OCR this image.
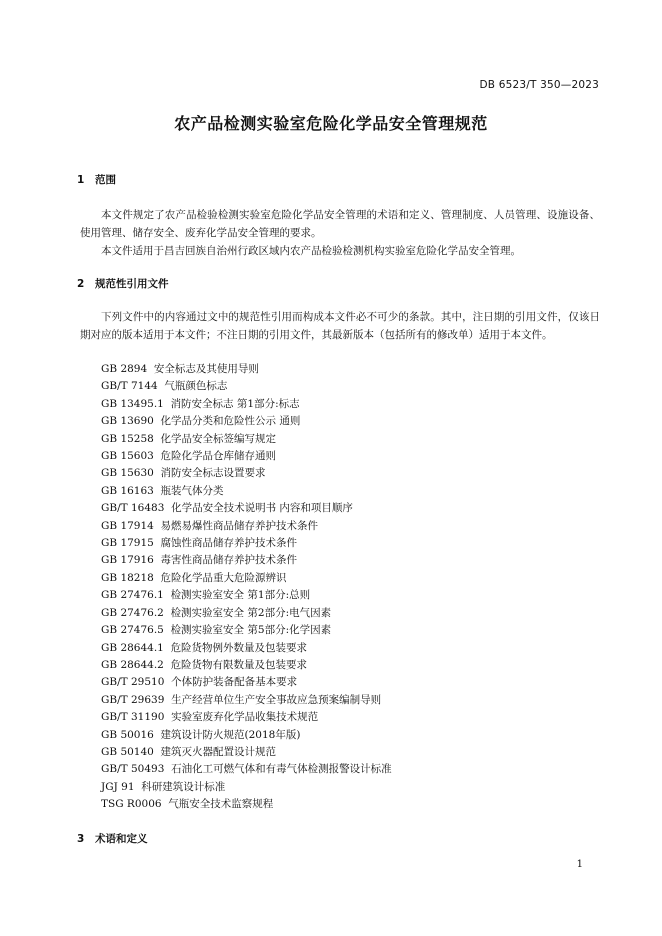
DB 6523/T 350—2023
农产品检测实验室危险化学品安全管理规范
1 范围

本文件规定了农产品检验检测实验室危险化学品安全管理的术语和定义、管理制度、人员管理、设施设备、使用管理、储存安全、废弃化学品安全管理的要求。

本文件适用于昌吉回族自治州行政区域内农产品检验检测机构实验室危险化学品安全管理。

2 规范性引用文件

下列文件中的内容通过文中的规范性引用而构成本文件必不可少的条款。其中，注日期的引用文件，仅该日期对应的版本适用于本文件；不注日期的引用文件，其最新版本（包括所有的修改单）适用于本文件。

GB 2894 安全标志及其使用导则
GB/T 7144 气瓶颜色标志
GB 13495.1 消防安全标志 第1部分:标志
GB 13690 化学品分类和危险性公示 通则
GB 15258 化学品安全标签编写规定
GB 15603 危险化学品仓库储存通则
GB 15630 消防安全标志设置要求
GB 16163 瓶装气体分类
GB/T 16483 化学品安全技术说明书 内容和项目顺序
GB 17914 易燃易爆性商品储存养护技术条件
GB 17915 腐蚀性商品储存养护技术条件
GB 17916 毒害性商品储存养护技术条件
GB 18218 危险化学品重大危险源辨识
GB 27476.1 检测实验室安全 第1部分:总则
GB 27476.2 检测实验室安全 第2部分:电气因素
GB 27476.5 检测实验室安全 第5部分:化学因素
GB 28644.1 危险货物例外数量及包装要求
GB 28644.2 危险货物有限数量及包装要求
GB/T 29510 个体防护装备配备基本要求
GB/T 29639 生产经营单位生产安全事故应急预案编制导则
GB/T 31190 实验室废弃化学品收集技术规范
GB 50016 建筑设计防火规范(2018年版)
GB 50140 建筑灭火器配置设计规范
GB/T 50493 石油化工可燃气体和有毒气体检测报警设计标准
JGJ 91 科研建筑设计标准
TSG R0006 气瓶安全技术监察规程
3 术语和定义
1
